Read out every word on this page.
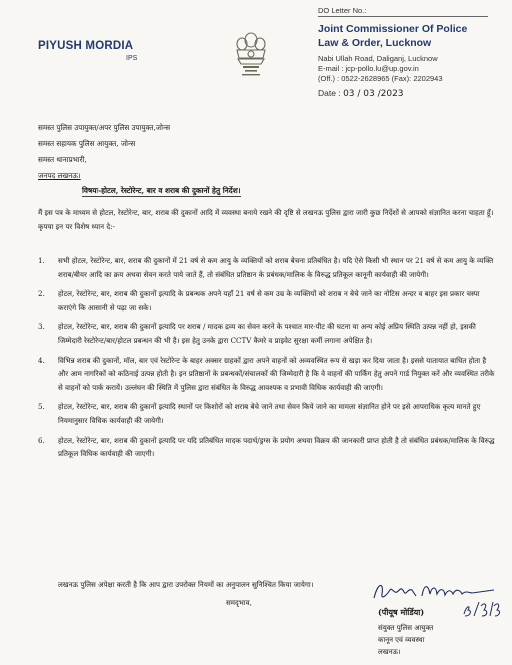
PIYUSH MORDIA
IPS
DO Letter No.:
Joint Commissioner Of Police
Law & Order, Lucknow
Nabi Ullah Road, Daliganj, Lucknow
E-mail : jcp-pollo.lu@up.gov.in
(Off.) : 0522-2628965 (Fax): 2202943
Date : 03 / 03 /2023
समस्त पुलिस उपायुक्त/अपर पुलिस उपायुक्त,जोन्स
समस्त सहायक पुलिस आयुक्त, जोन्स
समस्त थानाप्रभारी,
जनपद लखनऊ।
विषयः-होटल, रेस्टोरेन्ट, बार व शराब की दुकानों हेतु निर्देश।
मैं इस पत्र के माध्यम से होटल, रेस्टोरेन्ट, बार, शराब की दुकानों आदि में व्यवस्था बनाये रखने की दृष्टि से लखनऊ पुलिस द्वारा जारी कुछ निर्देशों से आपको संज्ञानित करना चाहता हूँ। कृपया इन पर विशेष ध्यान दे:-
1. सभी होटल, रेस्टोरेन्ट, बार, शराब की दुकानों में 21 वर्ष से कम आयु के व्यक्तियों को शराब बेचना प्रतिबंधित है। यदि ऐसे किसी भी स्थान पर 21 वर्ष से कम आयु के व्यक्ति शराब/बीयर आदि का क्रय अथवा सेवन करते पाये जाते हैं, तो संबंधित प्रतिष्ठान के प्रबंधक/मालिक के विरुद्ध प्रतिकूल कानूनी कार्यवाही की जायेगी।
2. होटल, रेस्टोरेन्ट, बार, शराब की दुकानों इत्यादि के प्रबन्धक अपने यहाँ 21 वर्ष से कम उम्र के व्यक्तियों को शराब न बेचे जाने का नोटिस अन्दर व बाहर इस प्रकार चस्पा कराएंगे कि आसानी से पढ़ा जा सके।
3. होटल, रेस्टोरेन्ट, बार, शराब की दुकानों इत्यादि पर शराब / मादक द्रव्य का सेवन करने के पश्चात मार-पीट की घटना या अन्य कोई अप्रिय स्थिति उत्पन्न नहीं हो, इसकी जिम्मेदारी रेस्टोरेन्ट/बार/होटल प्रबन्धन की भी है। इस हेतु उनके द्वारा CCTV कैमरे व प्राइवेट सुरक्षा कर्मी लगाना अपेक्षित है।
4. विभिन्न शराब की दुकानों, मॉल, बार एवं रेस्टोरेन्ट के बाहर अक्सर ग्राहकों द्वारा अपने वाहनों को अव्यवस्थित रूप से खड़ा कर दिया जाता है। इससे यातायात बाधित होता है और आम नागरिकों को कठिनाई उत्पन्न होती है। इन प्रतिष्ठानों के प्रबन्धकों/संचालकों की जिम्मेदारी है कि वे वाहनों की पार्किंग हेतु अपने गार्ड नियुक्त करें और व्यवस्थित तरीके से वाहनों को पार्क करायें। उल्लंघन की स्थिति में पुलिस द्वारा संबंधित के विरुद्ध आवश्यक व प्रभावी विधिक कार्यवाही की जाएगी।
5. होटल, रेस्टोरेन्ट, बार, शराब की दुकानों इत्यादि स्थानों पर किशोरों को शराब बेचे जाने तथा सेवन किये जाने का मामला संज्ञानित होने पर इसे आपराधिक कृत्य मानते हुए नियमानुसार विधिक कार्यवाही की जायेगी।
6. होटल, रेस्टोरेन्ट, बार, शराब की दुकानों इत्यादि पर यदि प्रतिबंधित मादक पदार्थ/ड्रग्स के प्रयोग अथवा विक्रय की जानकारी प्राप्त होती है तो संबंधित प्रबंधक/मालिक के विरुद्ध प्रतिकूल विधिक कार्यवाही की जाएगी।
लखनऊ पुलिस अपेक्षा करती है कि आप द्वारा उपरोक्त नियमों का अनुपालन सुनिश्चित किया जायेगा।
समदृभाव,
(पीयूष मोर्डिया)
संयुक्त पुलिस आयुक्त
कानून एवं व्यवस्था
लखनऊ।
